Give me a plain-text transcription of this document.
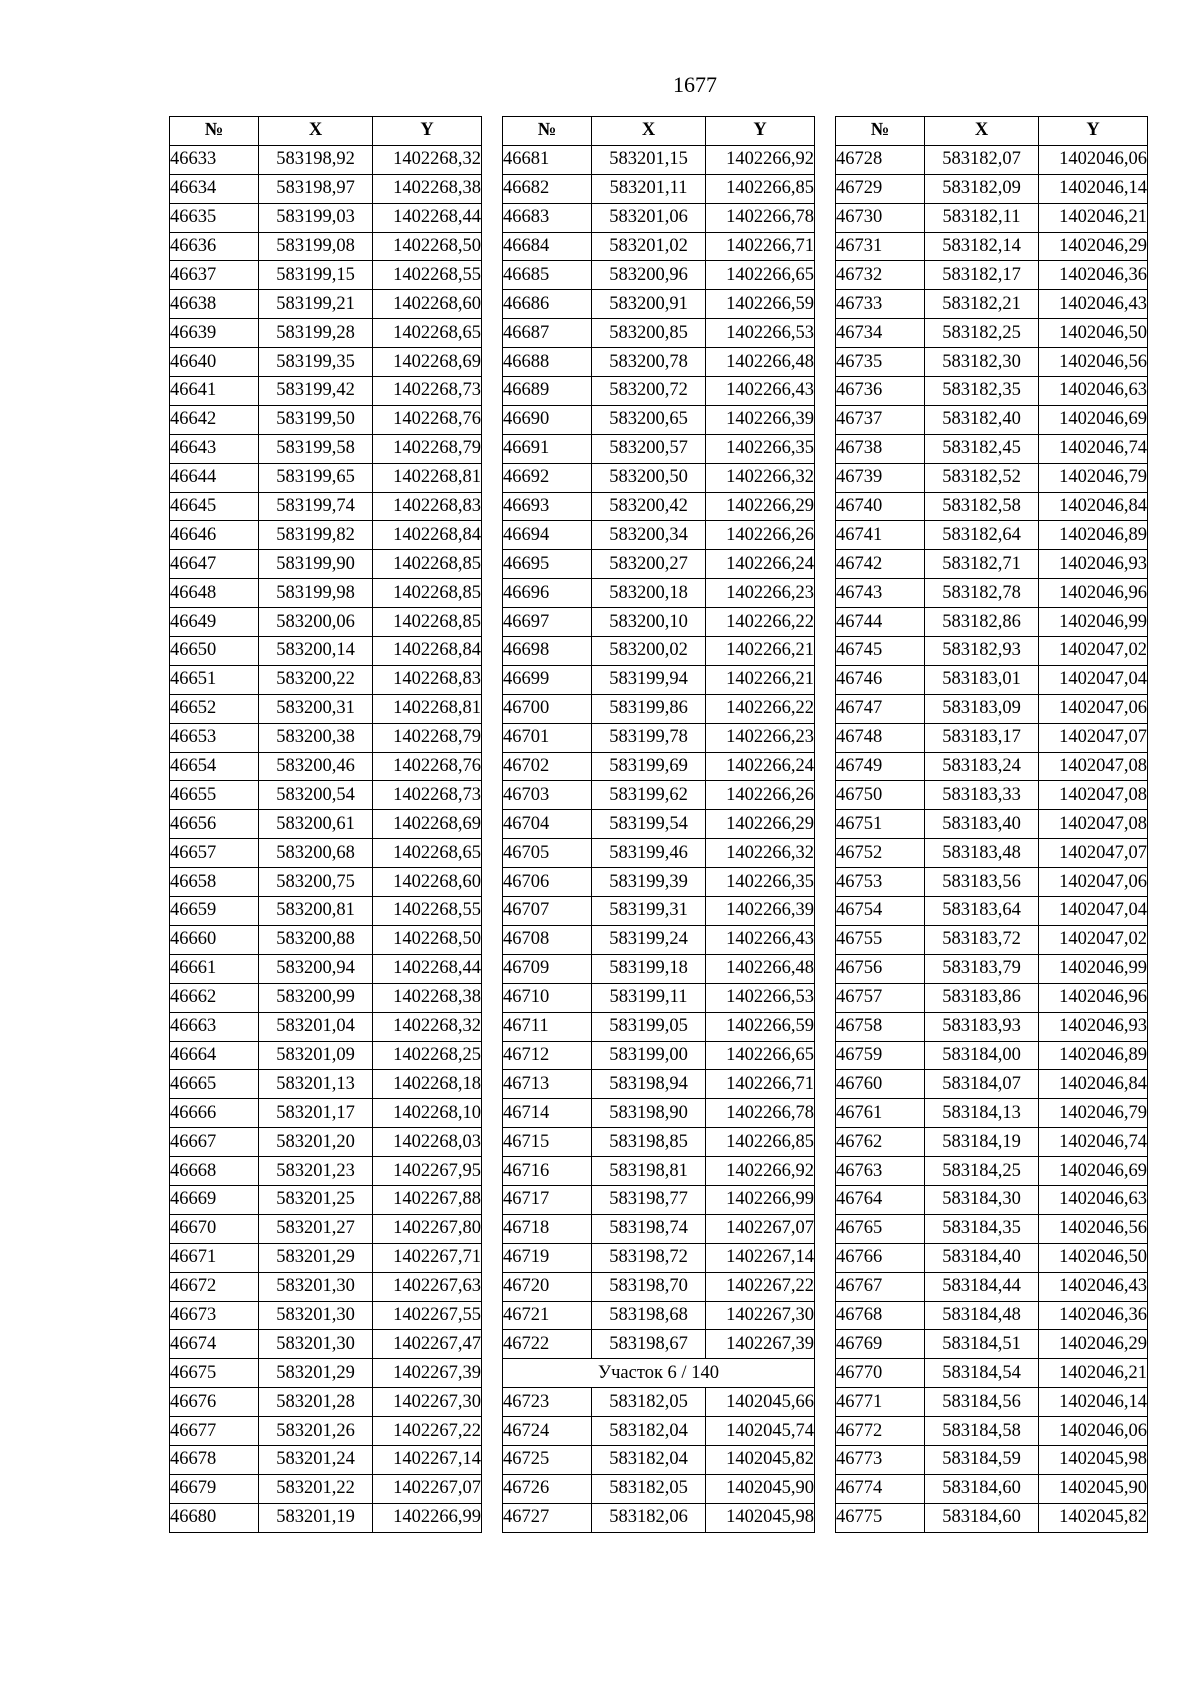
1677
№	X	Y
46633	583198,92	1402268,32
46634	583198,97	1402268,38
46635	583199,03	1402268,44
46636	583199,08	1402268,50
46637	583199,15	1402268,55
46638	583199,21	1402268,60
46639	583199,28	1402268,65
46640	583199,35	1402268,69
46641	583199,42	1402268,73
46642	583199,50	1402268,76
46643	583199,58	1402268,79
46644	583199,65	1402268,81
46645	583199,74	1402268,83
46646	583199,82	1402268,84
46647	583199,90	1402268,85
46648	583199,98	1402268,85
46649	583200,06	1402268,85
46650	583200,14	1402268,84
46651	583200,22	1402268,83
46652	583200,31	1402268,81
46653	583200,38	1402268,79
46654	583200,46	1402268,76
46655	583200,54	1402268,73
46656	583200,61	1402268,69
46657	583200,68	1402268,65
46658	583200,75	1402268,60
46659	583200,81	1402268,55
46660	583200,88	1402268,50
46661	583200,94	1402268,44
46662	583200,99	1402268,38
46663	583201,04	1402268,32
46664	583201,09	1402268,25
46665	583201,13	1402268,18
46666	583201,17	1402268,10
46667	583201,20	1402268,03
46668	583201,23	1402267,95
46669	583201,25	1402267,88
46670	583201,27	1402267,80
46671	583201,29	1402267,71
46672	583201,30	1402267,63
46673	583201,30	1402267,55
46674	583201,30	1402267,47
46675	583201,29	1402267,39
46676	583201,28	1402267,30
46677	583201,26	1402267,22
46678	583201,24	1402267,14
46679	583201,22	1402267,07
46680	583201,19	1402266,99
№	X	Y
46681	583201,15	1402266,92
46682	583201,11	1402266,85
46683	583201,06	1402266,78
46684	583201,02	1402266,71
46685	583200,96	1402266,65
46686	583200,91	1402266,59
46687	583200,85	1402266,53
46688	583200,78	1402266,48
46689	583200,72	1402266,43
46690	583200,65	1402266,39
46691	583200,57	1402266,35
46692	583200,50	1402266,32
46693	583200,42	1402266,29
46694	583200,34	1402266,26
46695	583200,27	1402266,24
46696	583200,18	1402266,23
46697	583200,10	1402266,22
46698	583200,02	1402266,21
46699	583199,94	1402266,21
46700	583199,86	1402266,22
46701	583199,78	1402266,23
46702	583199,69	1402266,24
46703	583199,62	1402266,26
46704	583199,54	1402266,29
46705	583199,46	1402266,32
46706	583199,39	1402266,35
46707	583199,31	1402266,39
46708	583199,24	1402266,43
46709	583199,18	1402266,48
46710	583199,11	1402266,53
46711	583199,05	1402266,59
46712	583199,00	1402266,65
46713	583198,94	1402266,71
46714	583198,90	1402266,78
46715	583198,85	1402266,85
46716	583198,81	1402266,92
46717	583198,77	1402266,99
46718	583198,74	1402267,07
46719	583198,72	1402267,14
46720	583198,70	1402267,22
46721	583198,68	1402267,30
46722	583198,67	1402267,39
Участок 6 / 140		
46723	583182,05	1402045,66
46724	583182,04	1402045,74
46725	583182,04	1402045,82
46726	583182,05	1402045,90
46727	583182,06	1402045,98
№	X	Y
46728	583182,07	1402046,06
46729	583182,09	1402046,14
46730	583182,11	1402046,21
46731	583182,14	1402046,29
46732	583182,17	1402046,36
46733	583182,21	1402046,43
46734	583182,25	1402046,50
46735	583182,30	1402046,56
46736	583182,35	1402046,63
46737	583182,40	1402046,69
46738	583182,45	1402046,74
46739	583182,52	1402046,79
46740	583182,58	1402046,84
46741	583182,64	1402046,89
46742	583182,71	1402046,93
46743	583182,78	1402046,96
46744	583182,86	1402046,99
46745	583182,93	1402047,02
46746	583183,01	1402047,04
46747	583183,09	1402047,06
46748	583183,17	1402047,07
46749	583183,24	1402047,08
46750	583183,33	1402047,08
46751	583183,40	1402047,08
46752	583183,48	1402047,07
46753	583183,56	1402047,06
46754	583183,64	1402047,04
46755	583183,72	1402047,02
46756	583183,79	1402046,99
46757	583183,86	1402046,96
46758	583183,93	1402046,93
46759	583184,00	1402046,89
46760	583184,07	1402046,84
46761	583184,13	1402046,79
46762	583184,19	1402046,74
46763	583184,25	1402046,69
46764	583184,30	1402046,63
46765	583184,35	1402046,56
46766	583184,40	1402046,50
46767	583184,44	1402046,43
46768	583184,48	1402046,36
46769	583184,51	1402046,29
46770	583184,54	1402046,21
46771	583184,56	1402046,14
46772	583184,58	1402046,06
46773	583184,59	1402045,98
46774	583184,60	1402045,90
46775	583184,60	1402045,82
